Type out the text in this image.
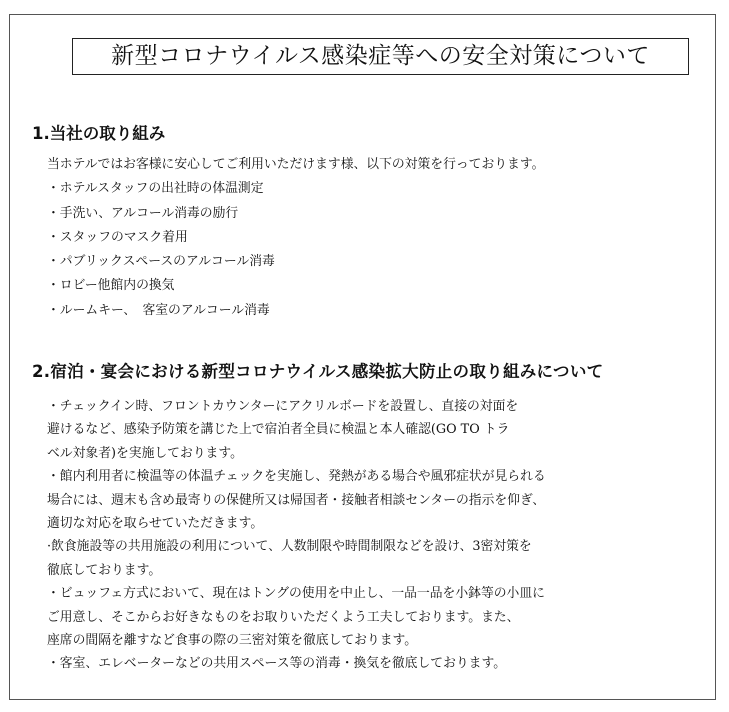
新型コロナウイルス感染症等への安全対策について
1.当社の取り組み
当ホテルではお客様に安心してご利用いただけます様、以下の対策を行っております。
・ホテルスタッフの出社時の体温測定
・手洗い、アルコール消毒の励行
・スタッフのマスク着用
・パブリックスペースのアルコール消毒
・ロビー他館内の換気
・ルームキー、　客室のアルコール消毒
2.宿泊・宴会における新型コロナウイルス感染拡大防止の取り組みについて
・チェックイン時、フロントカウンターにアクリルボードを設置し、直接の対面を
避けるなど、感染予防策を講じた上で宿泊者全員に検温と本人確認(GO TO トラ
ベル対象者)を実施しております。
・館内利用者に検温等の体温チェックを実施し、発熱がある場合や風邪症状が見られる
場合には、週末も含め最寄りの保健所又は帰国者・接触者相談センターの指示を仰ぎ、
適切な対応を取らせていただきます。
·飲食施設等の共用施設の利用について、人数制限や時間制限などを設け、3密対策を
徹底しております。
・ビュッフェ方式において、現在はトングの使用を中止し、一品一品を小鉢等の小皿に
ご用意し、そこからお好きなものをお取りいただくよう工夫しております。また、
座席の間隔を離すなど食事の際の三密対策を徹底しております。
・客室、エレベーターなどの共用スペース等の消毒・換気を徹底しております。
